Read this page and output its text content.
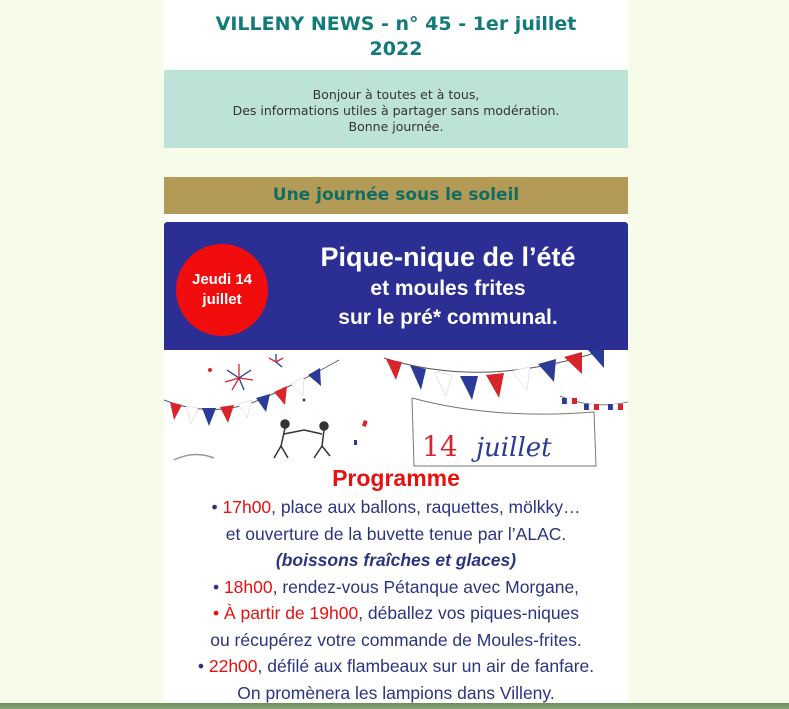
VILLENY NEWS - n° 45 - 1er juillet
2022
Bonjour à toutes et à tous,
Des informations utiles à partager sans modération.
Bonne journée.
Une journée sous le soleil
Jeudi 14
juillet
Pique-nique de l’été
et moules frites
sur le pré* communal.
14 juillet
Programme
• 17h00, place aux ballons, raquettes, mölkky…
et ouverture de la buvette tenue par l’ALAC.
(boissons fraîches et glaces)
• 18h00, rendez-vous Pétanque avec Morgane,
• À partir de 19h00, déballez vos piques-niques
ou récupérez votre commande de Moules-frites.
• 22h00, défilé aux flambeaux sur un air de fanfare.
On promènera les lampions dans Villeny.
